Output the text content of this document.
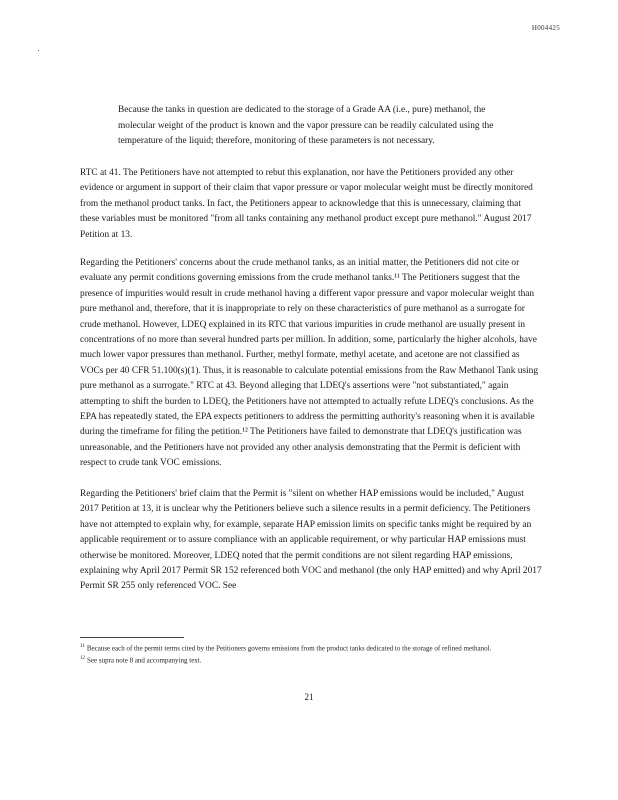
H004425
Because the tanks in question are dedicated to the storage of a Grade AA (i.e., pure) methanol, the molecular weight of the product is known and the vapor pressure can be readily calculated using the temperature of the liquid; therefore, monitoring of these parameters is not necessary.
RTC at 41. The Petitioners have not attempted to rebut this explanation, nor have the Petitioners provided any other evidence or argument in support of their claim that vapor pressure or vapor molecular weight must be directly monitored from the methanol product tanks. In fact, the Petitioners appear to acknowledge that this is unnecessary, claiming that these variables must be monitored "from all tanks containing any methanol product except pure methanol." August 2017 Petition at 13.
Regarding the Petitioners' concerns about the crude methanol tanks, as an initial matter, the Petitioners did not cite or evaluate any permit conditions governing emissions from the crude methanol tanks.¹¹ The Petitioners suggest that the presence of impurities would result in crude methanol having a different vapor pressure and vapor molecular weight than pure methanol and, therefore, that it is inappropriate to rely on these characteristics of pure methanol as a surrogate for crude methanol. However, LDEQ explained in its RTC that various impurities in crude methanol are usually present in concentrations of no more than several hundred parts per million. In addition, some, particularly the higher alcohols, have much lower vapor pressures than methanol. Further, methyl formate, methyl acetate, and acetone are not classified as VOCs per 40 CFR 51.100(s)(1). Thus, it is reasonable to calculate potential emissions from the Raw Methanol Tank using pure methanol as a surrogate." RTC at 43. Beyond alleging that LDEQ's assertions were "not substantiated," again attempting to shift the burden to LDEQ, the Petitioners have not attempted to actually refute LDEQ's conclusions. As the EPA has repeatedly stated, the EPA expects petitioners to address the permitting authority's reasoning when it is available during the timeframe for filing the petition.¹² The Petitioners have failed to demonstrate that LDEQ's justification was unreasonable, and the Petitioners have not provided any other analysis demonstrating that the Permit is deficient with respect to crude tank VOC emissions.
Regarding the Petitioners' brief claim that the Permit is "silent on whether HAP emissions would be included," August 2017 Petition at 13, it is unclear why the Petitioners believe such a silence results in a permit deficiency. The Petitioners have not attempted to explain why, for example, separate HAP emission limits on specific tanks might be required by an applicable requirement or to assure compliance with an applicable requirement, or why particular HAP emissions must otherwise be monitored. Moreover, LDEQ noted that the permit conditions are not silent regarding HAP emissions, explaining why April 2017 Permit SR 152 referenced both VOC and methanol (the only HAP emitted) and why April 2017 Permit SR 255 only referenced VOC. See
$^{11}$ Because each of the permit terms cited by the Petitioners governs emissions from the product tanks dedicated to the storage of refined methanol.
$^{12}$ See supra note 8 and accompanying text.
21
